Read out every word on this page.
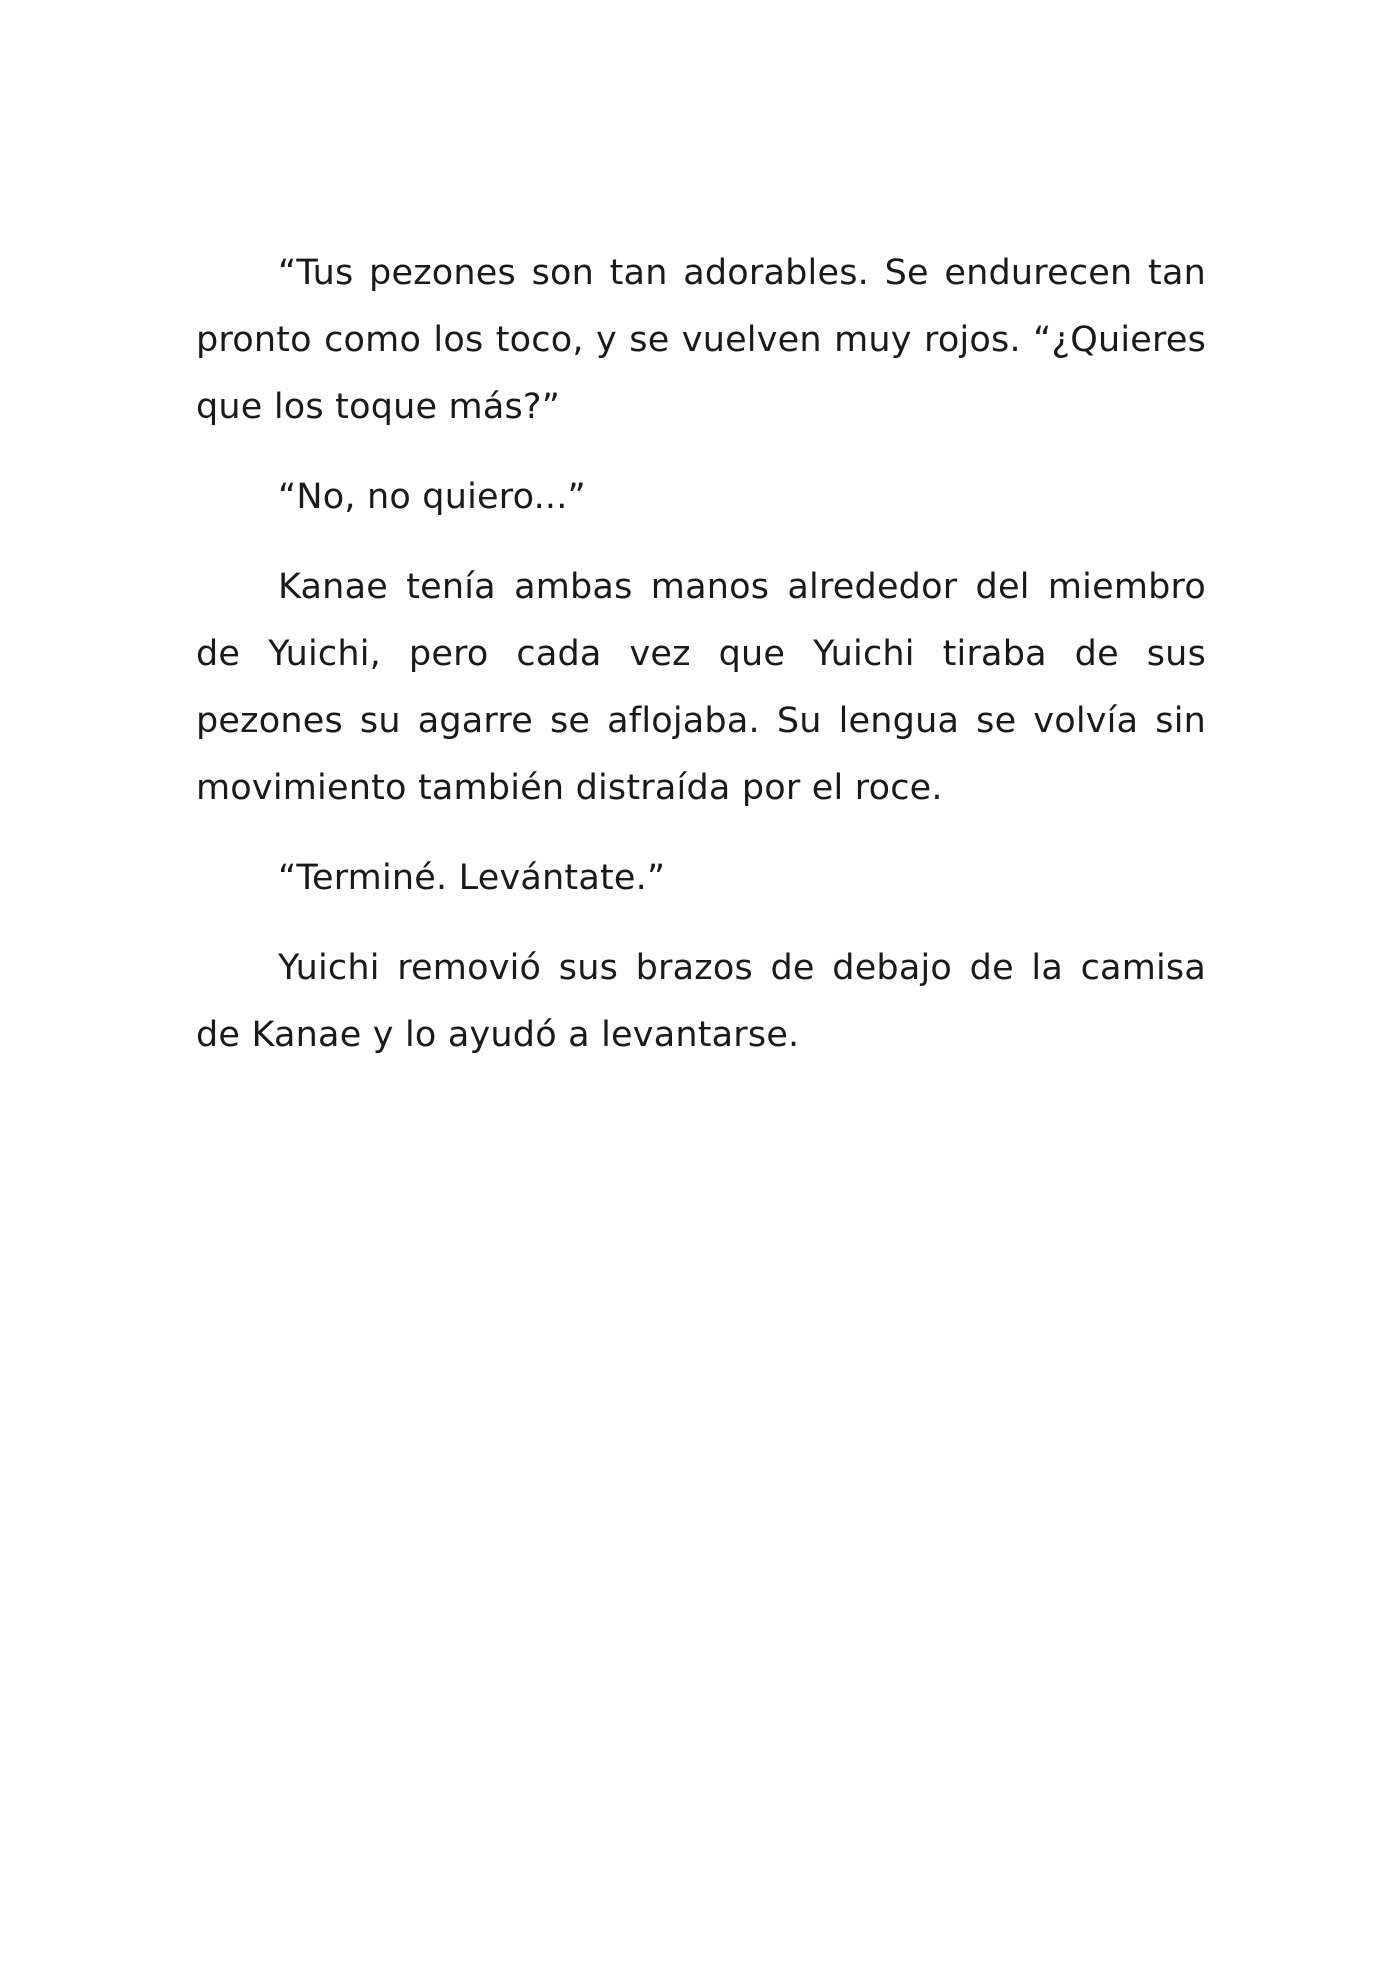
“Tus pezones son tan adorables. Se endurecen tan pronto como los toco, y se vuelven muy rojos. “¿Quieres que los toque más?”

“No, no quiero...”

Kanae tenía ambas manos alrededor del miembro de Yuichi, pero cada vez que Yuichi tiraba de sus pezones su agarre se aflojaba. Su lengua se volvía sin movimiento también distraída por el roce.

“Terminé. Levántate.”

Yuichi removió sus brazos de debajo de la camisa de Kanae y lo ayudó a levantarse.
